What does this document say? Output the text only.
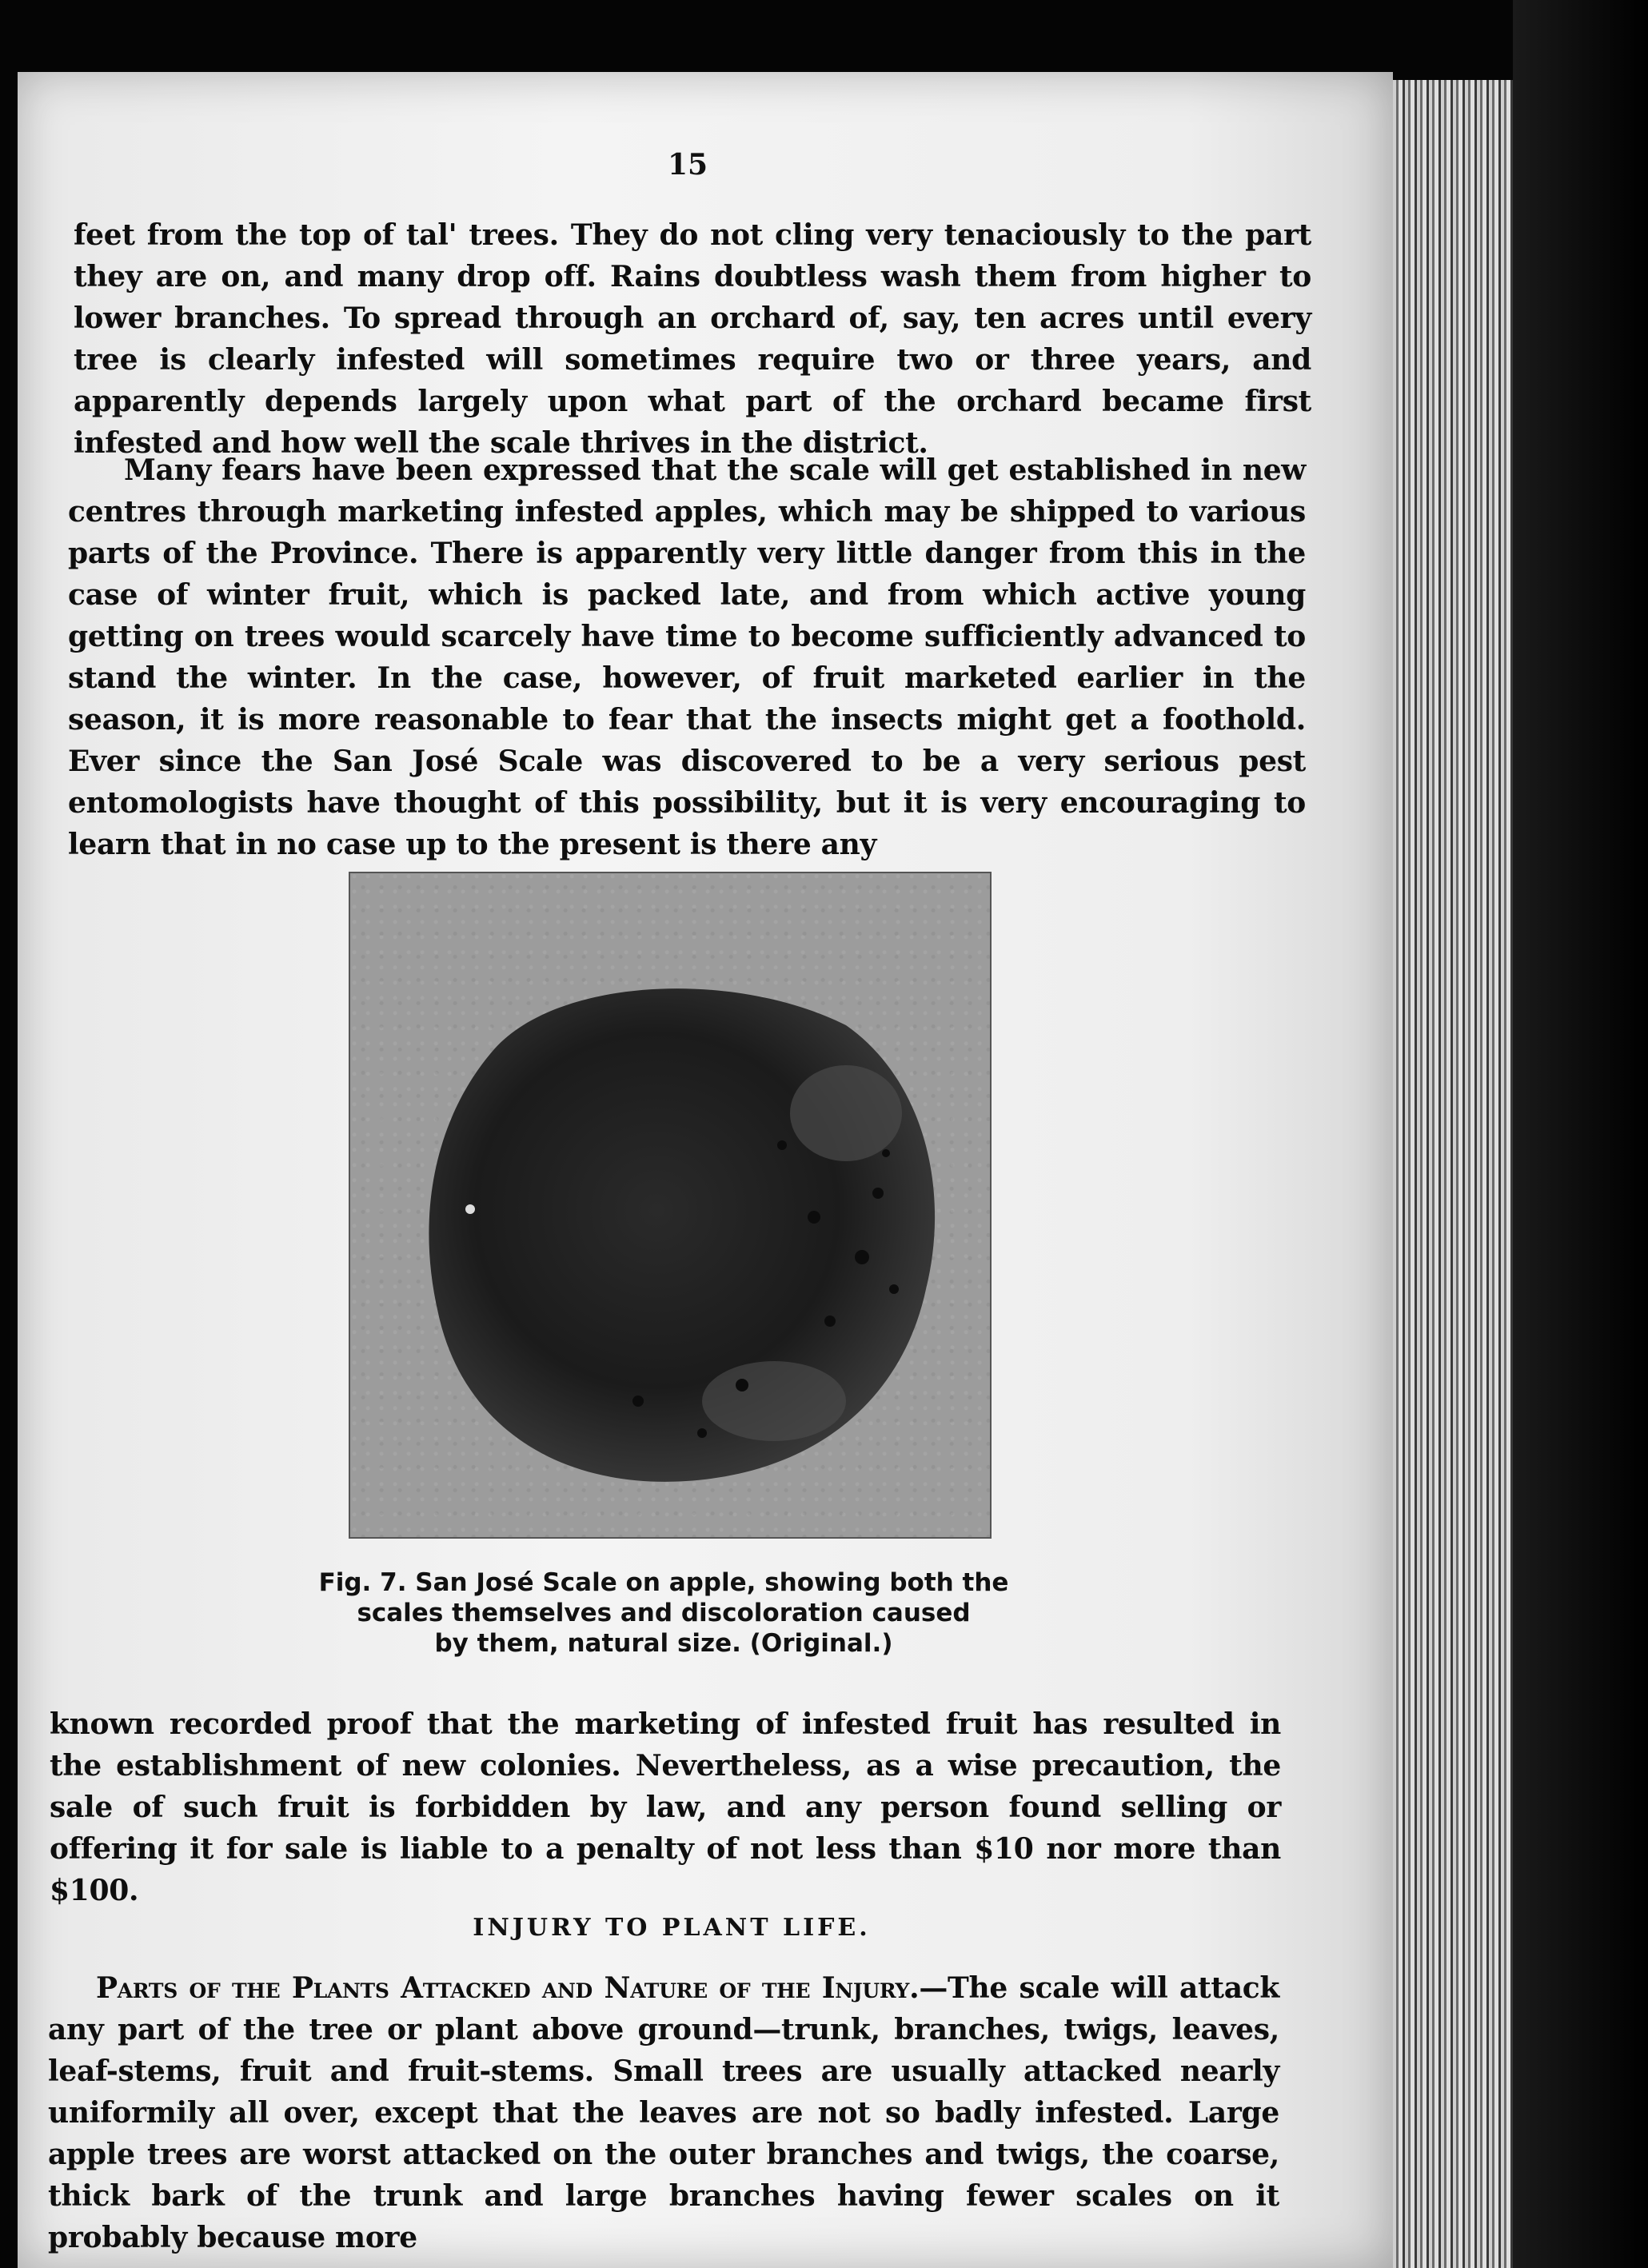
15
feet from the top of tal' trees. They do not cling very tenaciously to the part they are on, and many drop off. Rains doubtless wash them from higher to lower branches. To spread through an orchard of, say, ten acres until every tree is clearly infested will sometimes require two or three years, and apparently depends largely upon what part of the orchard became first infested and how well the scale thrives in the district.
Many fears have been expressed that the scale will get established in new centres through marketing infested apples, which may be shipped to various parts of the Province. There is apparently very little danger from this in the case of winter fruit, which is packed late, and from which active young getting on trees would scarcely have time to become sufficiently advanced to stand the winter. In the case, however, of fruit marketed earlier in the season, it is more reasonable to fear that the insects might get a foothold. Ever since the San José Scale was discovered to be a very serious pest entomologists have thought of this possibility, but it is very encouraging to learn that in no case up to the present is there any
Fig. 7. San José Scale on apple, showing both the
scales themselves and discoloration caused
by them, natural size. (Original.)
known recorded proof that the marketing of infested fruit has resulted in the establishment of new colonies. Nevertheless, as a wise precaution, the sale of such fruit is forbidden by law, and any person found selling or offering it for sale is liable to a penalty of not less than $10 nor more than $100.
INJURY TO PLANT LIFE.
Parts of the Plants Attacked and Nature of the Injury.—The scale will attack any part of the tree or plant above ground—trunk, branches, twigs, leaves, leaf-stems, fruit and fruit-stems. Small trees are usually attacked nearly uniformily all over, except that the leaves are not so badly infested. Large apple trees are worst attacked on the outer branches and twigs, the coarse, thick bark of the trunk and large branches having fewer scales on it probably because more
